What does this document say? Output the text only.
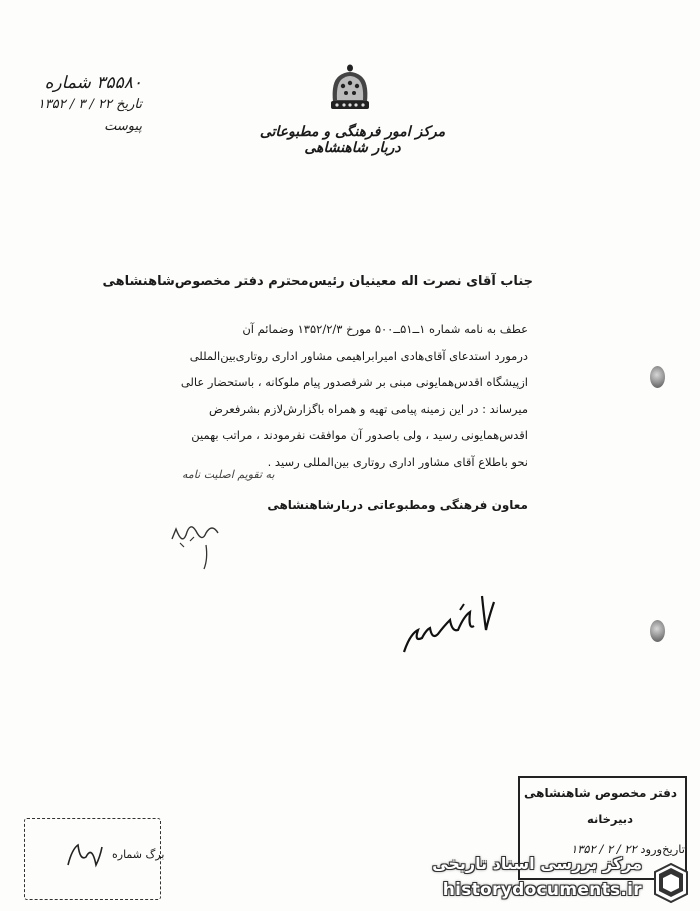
مرکز امور فرهنگی و مطبوعاتی دربار شاهنشاهی
۳۵۵۸۰ شماره
تاریخ ۲۲ / ۳ / ۱۳۵۲
پیوست
جناب آقای نصرت اله معینیان رئیس‌محترم دفتر مخصوص‌شاهنشاهی

عطف به نامه شماره ۱ــ۵۱ــ۵۰۰ مورخ ۱۳۵۲/۲/۳ وضمائم آن

درمورد استدعای آقای‌هادی امیرابراهیمی مشاور اداری روتاری‌بین‌المللی

ازپیشگاه اقدس‌همایونی مبنی بر شرفصدور پیام ملوکانه ، باستحضار عالی

میرساند : در این زمینه پیامی تهیه و همراه باگزارش‌لازم بشرفعرض

اقدس‌همایونی رسید ، ولی باصدور آن موافقت نفرمودند ، مراتب بهمین

نحو باطلاع آقای مشاور اداری روتاری بین‌المللی رسید .

به تقویم اصلیت نامه
معاون فرهنگی ومطبوعاتی دربارشاهنشاهی
برگ شماره
دفتر مخصوص شاهنشاهی
دبیرخانه
تاریخ‌ورود ۲۲ / ۲ / ۱۳۵۲
مرکز بررسی اسناد تاریخی
historydocuments.ir
